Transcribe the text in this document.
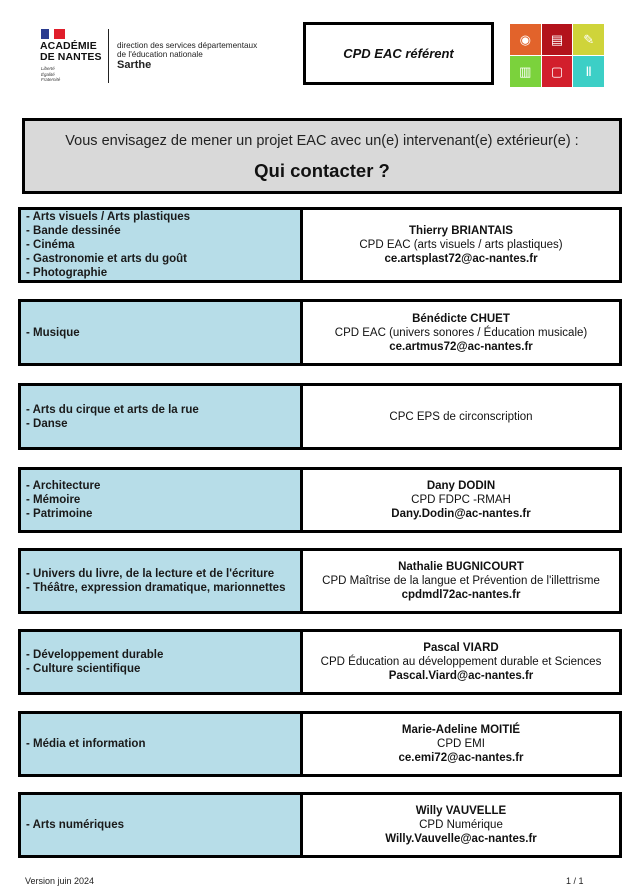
ACADÉMIE
DE NANTES
Liberté
Égalité
Fraternité
direction des services départementaux
de l'éducation nationale
Sarthe
CPD EAC référent
◉	▤	✎
▥	▢	Ⅱ
Vous envisagez de mener un projet EAC avec un(e) intervenant(e) extérieur(e) :
Qui contacter ?
- Arts visuels / Arts plastiques
- Bande dessinée
- Cinéma
- Gastronomie et arts du goût
- Photographie
Thierry BRIANTAIS
CPD EAC (arts visuels / arts plastiques)
ce.artsplast72@ac-nantes.fr
- Musique
Bénédicte CHUET
CPD EAC (univers sonores / Éducation musicale)
ce.artmus72@ac-nantes.fr
- Arts du cirque et arts de la rue
- Danse
CPC EPS de circonscription
- Architecture
- Mémoire
- Patrimoine
Dany DODIN
CPD FDPC -RMAH
Dany.Dodin@ac-nantes.fr
- Univers du livre, de la lecture et de l'écriture
- Théâtre, expression dramatique, marionnettes
Nathalie BUGNICOURT
CPD Maîtrise de la langue et Prévention de l'illettrisme
cpdmdl72ac-nantes.fr
- Développement durable
- Culture scientifique
Pascal VIARD
CPD Éducation au développement durable et Sciences
Pascal.Viard@ac-nantes.fr
- Média et information
Marie-Adeline MOITIÉ
CPD EMI
ce.emi72@ac-nantes.fr
- Arts numériques
Willy VAUVELLE
CPD Numérique
Willy.Vauvelle@ac-nantes.fr
Version juin 2024	1 / 1
